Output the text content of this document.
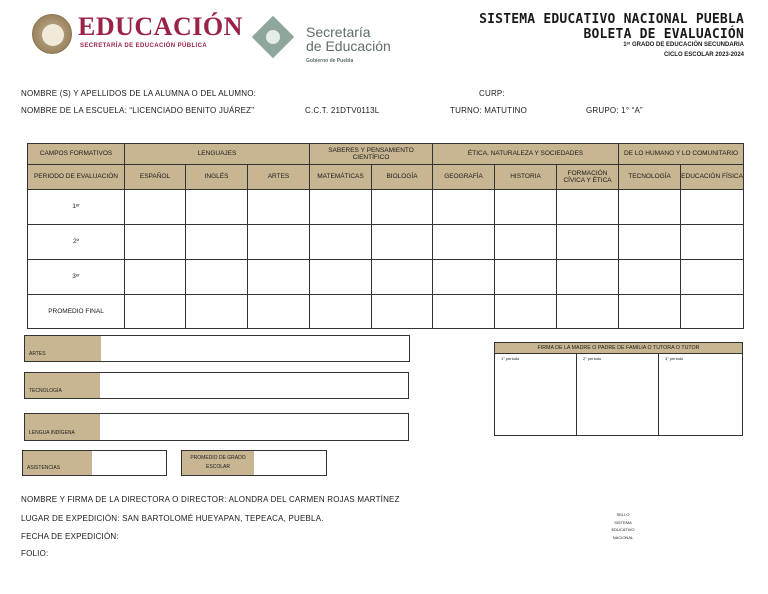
EDUCACIÓN
SECRETARÍA DE EDUCACIÓN PÚBLICA
Secretaría
de Educación
Gobierno de Puebla
SISTEMA EDUCATIVO NACIONAL PUEBLA
BOLETA DE EVALUACIÓN
1ᵉʳ GRADO DE EDUCACIÓN SECUNDARIA
CICLO ESCOLAR 2023-2024
NOMBRE (S) Y APELLIDOS DE LA ALUMNA O DEL ALUMNO:	CURP:
NOMBRE DE LA ESCUELA: “LICENCIADO BENITO JUÁREZ”	C.C.T. 21DTV0113L	TURNO: MATUTINO	GRUPO: 1° “A”
CAMPOS FORMATIVOS	LENGUAJES			SABERES Y PENSAMIENTO CIENTÍFICO		ÉTICA, NATURALEZA Y SOCIEDADES			DE LO HUMANO Y LO COMUNITARIO	
PERIODO DE EVALUACIÓN	ESPAÑOL	INGLÉS	ARTES	MATEMÁTICAS	BIOLOGÍA	GEOGRAFÍA	HISTORIA	FORMACIÓN CÍVICA Y ÉTICA	TECNOLOGÍA	EDUCACIÓN FÍSICA
1ᵉʳ										
2º										
3ᵉʳ										
PROMEDIO FINAL										
ARTES
TECNOLOGÍA
LENGUA INDÍGENA
ASISTENCIAS
PROMEDIO DE GRADO ESCOLAR
FIRMA DE LA MADRE O PADRE DE FAMILIA O TUTORA O TUTOR
1° periodo	2° periodo	3° periodo
NOMBRE Y FIRMA DE LA DIRECTORA O DIRECTOR: ALONDRA DEL CARMEN ROJAS MARTÍNEZ
LUGAR DE EXPEDICIÓN: SAN BARTOLOMÉ HUEYAPAN, TEPEACA, PUEBLA.
FECHA DE EXPEDICIÓN:
FOLIO:
SELLO
SISTEMA
EDUCATIVO
NACIONAL
